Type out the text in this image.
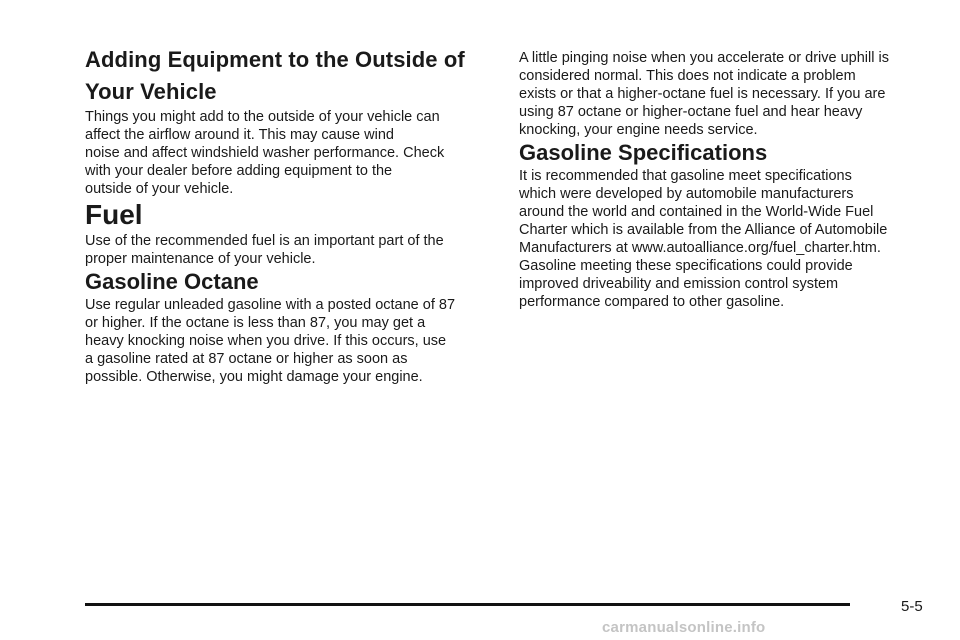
Adding Equipment to the Outside of
Your Vehicle

Things you might add to the outside of your vehicle can
affect the airflow around it. This may cause wind
noise and affect windshield washer performance. Check
with your dealer before adding equipment to the
outside of your vehicle.

Fuel

Use of the recommended fuel is an important part of the
proper maintenance of your vehicle.

Gasoline Octane

Use regular unleaded gasoline with a posted octane of 87
or higher. If the octane is less than 87, you may get a
heavy knocking noise when you drive. If this occurs, use
a gasoline rated at 87 octane or higher as soon as
possible. Otherwise, you might damage your engine.

A little pinging noise when you accelerate or drive uphill is
considered normal. This does not indicate a problem
exists or that a higher-octane fuel is necessary. If you are
using 87 octane or higher-octane fuel and hear heavy
knocking, your engine needs service.

Gasoline Specifications

It is recommended that gasoline meet specifications
which were developed by automobile manufacturers
around the world and contained in the World-Wide Fuel
Charter which is available from the Alliance of Automobile
Manufacturers at www.autoalliance.org/fuel_charter.htm.
Gasoline meeting these specifications could provide
improved driveability and emission control system
performance compared to other gasoline.

5-5
carmanualsonline.info
